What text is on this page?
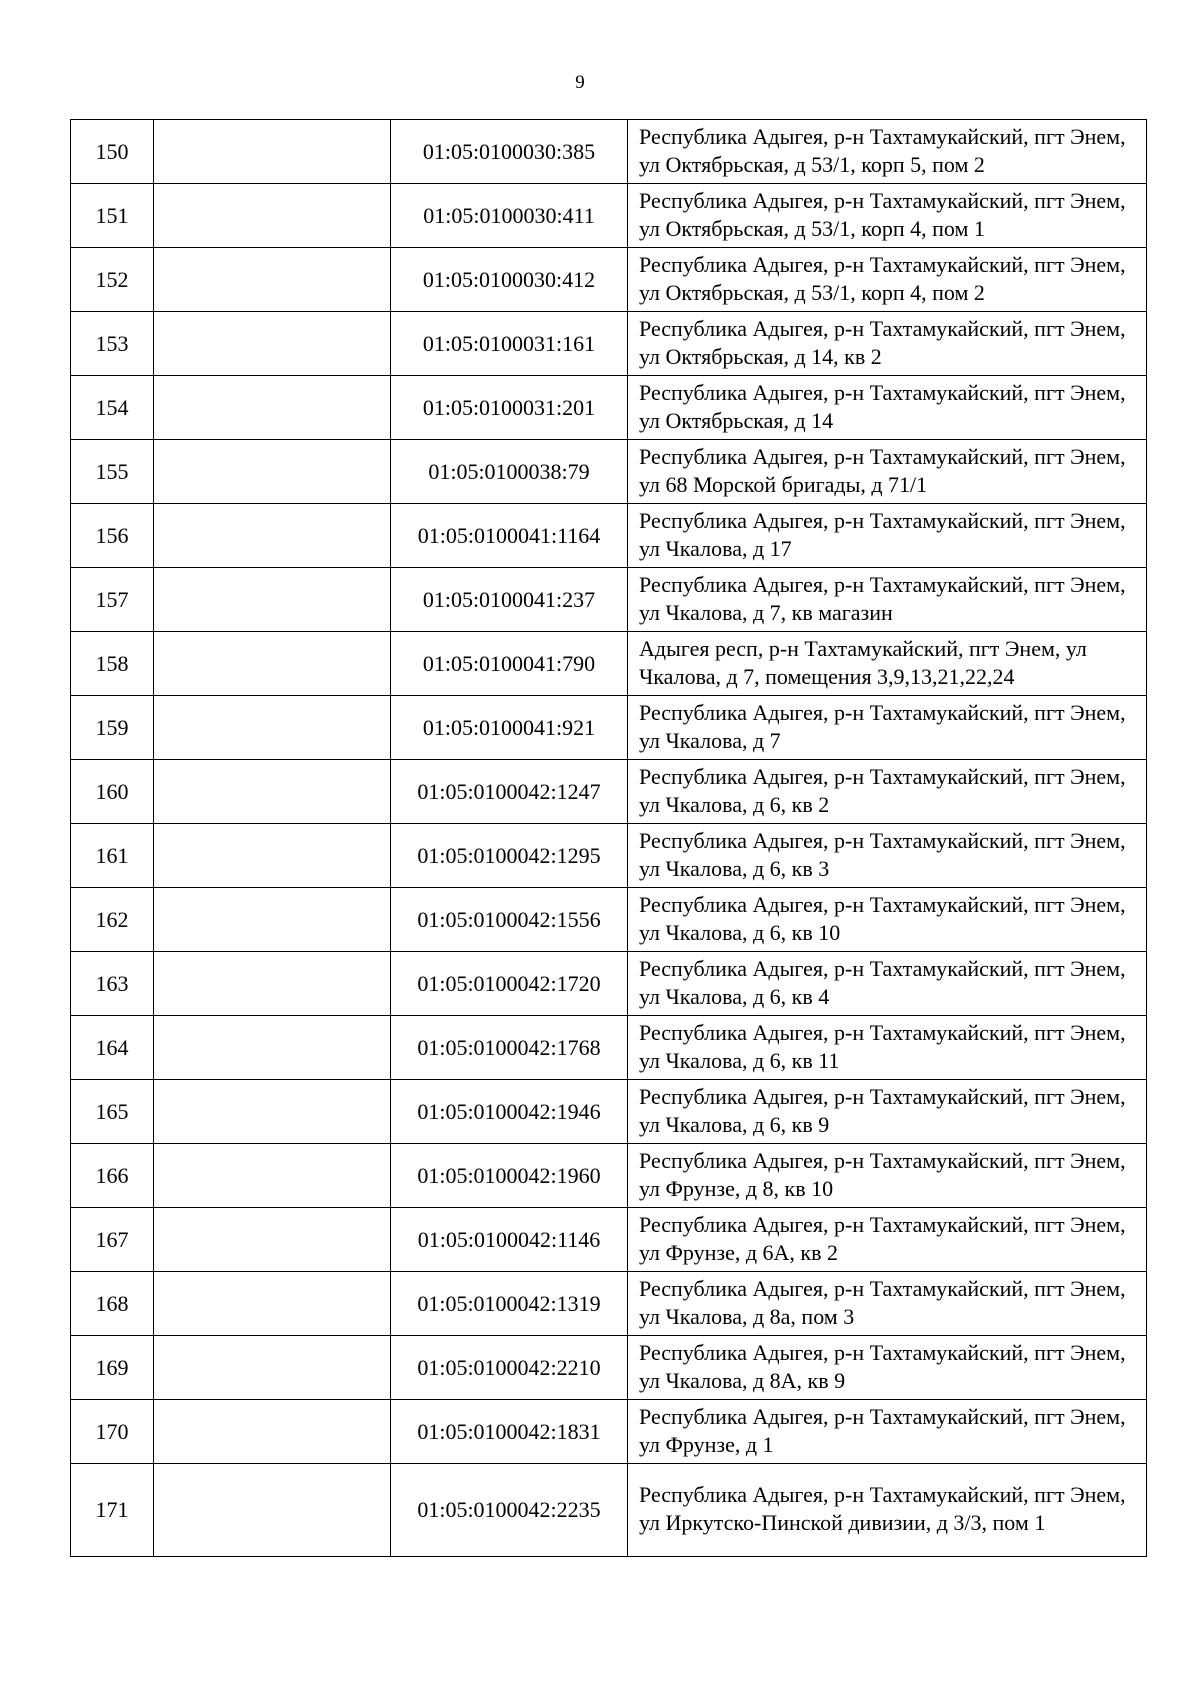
9
150		01:05:0100030:385	Республика Адыгея, р-н Тахтамукайский, пгт Энем, ул Октябрьская, д 53/1, корп 5, пом 2
151		01:05:0100030:411	Республика Адыгея, р-н Тахтамукайский, пгт Энем, ул Октябрьская, д 53/1, корп 4, пом 1
152		01:05:0100030:412	Республика Адыгея, р-н Тахтамукайский, пгт Энем, ул Октябрьская, д 53/1, корп 4, пом 2
153		01:05:0100031:161	Республика Адыгея, р-н Тахтамукайский, пгт Энем, ул Октябрьская, д 14, кв 2
154		01:05:0100031:201	Республика Адыгея, р-н Тахтамукайский, пгт Энем, ул Октябрьская, д 14
155		01:05:0100038:79	Республика Адыгея, р-н Тахтамукайский, пгт Энем, ул 68 Морской бригады, д 71/1
156		01:05:0100041:1164	Республика Адыгея, р-н Тахтамукайский, пгт Энем, ул Чкалова, д 17
157		01:05:0100041:237	Республика Адыгея, р-н Тахтамукайский, пгт Энем, ул Чкалова, д 7, кв магазин
158		01:05:0100041:790	Адыгея респ, р-н Тахтамукайский, пгт Энем, ул Чкалова, д 7, помещения 3,9,13,21,22,24
159		01:05:0100041:921	Республика Адыгея, р-н Тахтамукайский, пгт Энем, ул Чкалова, д 7
160		01:05:0100042:1247	Республика Адыгея, р-н Тахтамукайский, пгт Энем, ул Чкалова, д 6, кв 2
161		01:05:0100042:1295	Республика Адыгея, р-н Тахтамукайский, пгт Энем, ул Чкалова, д 6, кв 3
162		01:05:0100042:1556	Республика Адыгея, р-н Тахтамукайский, пгт Энем, ул Чкалова, д 6, кв 10
163		01:05:0100042:1720	Республика Адыгея, р-н Тахтамукайский, пгт Энем, ул Чкалова, д 6, кв 4
164		01:05:0100042:1768	Республика Адыгея, р-н Тахтамукайский, пгт Энем, ул Чкалова, д 6, кв 11
165		01:05:0100042:1946	Республика Адыгея, р-н Тахтамукайский, пгт Энем, ул Чкалова, д 6, кв 9
166		01:05:0100042:1960	Республика Адыгея, р-н Тахтамукайский, пгт Энем, ул Фрунзе, д 8, кв 10
167		01:05:0100042:1146	Республика Адыгея, р-н Тахтамукайский, пгт Энем, ул Фрунзе, д 6А, кв 2
168		01:05:0100042:1319	Республика Адыгея, р-н Тахтамукайский, пгт Энем, ул Чкалова, д 8а, пом 3
169		01:05:0100042:2210	Республика Адыгея, р-н Тахтамукайский, пгт Энем, ул Чкалова, д 8А, кв 9
170		01:05:0100042:1831	Республика Адыгея, р-н Тахтамукайский, пгт Энем, ул Фрунзе, д 1
171		01:05:0100042:2235	Республика Адыгея, р-н Тахтамукайский, пгт Энем, ул Иркутско-Пинской дивизии, д 3/3, пом 1
